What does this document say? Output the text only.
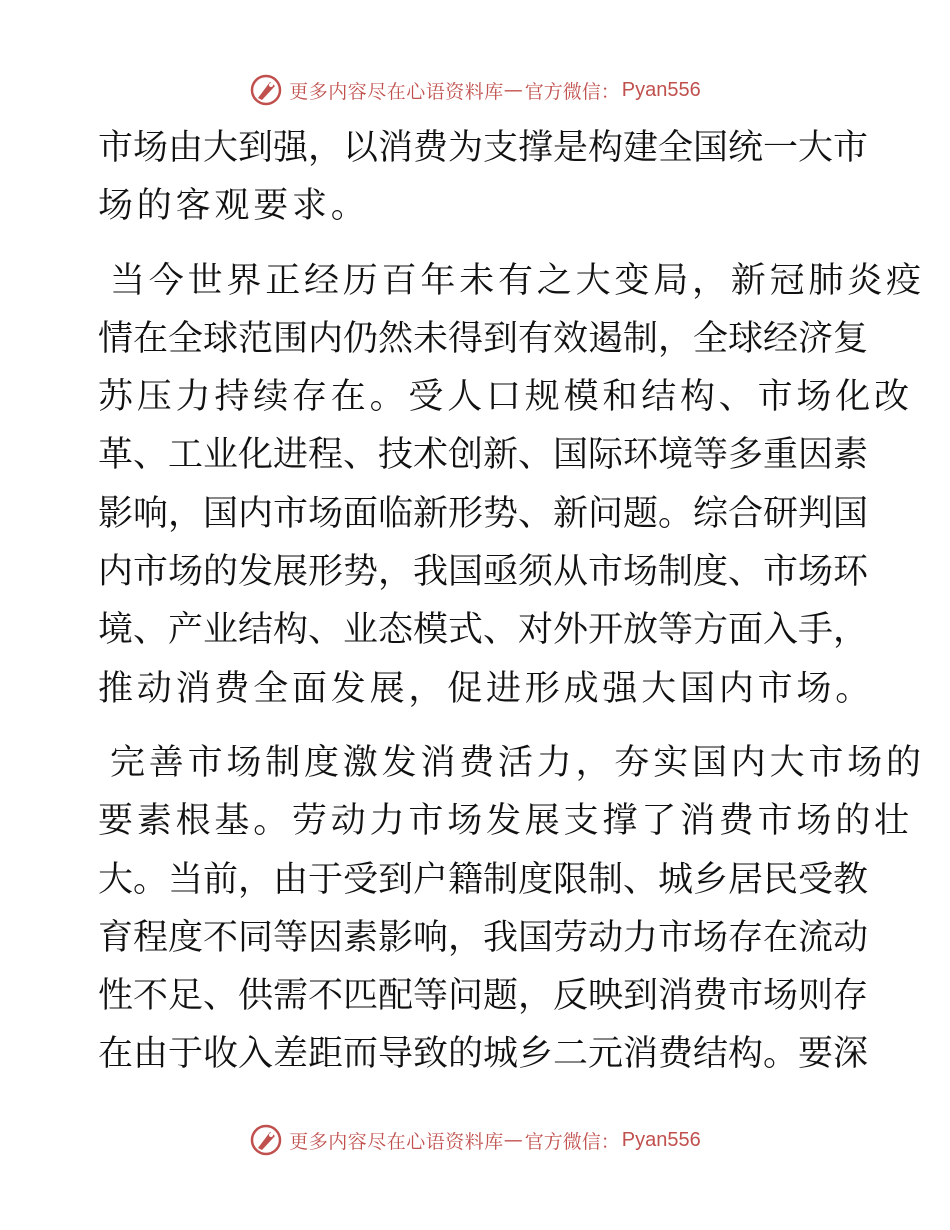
更多内容尽在心语资料库 — 官方微信： Pyan556
市场由大到强，以消费为支撑是构建全国统一大市
场的客观要求。
当今世界正经历百年未有之大变局，新冠肺炎疫
情在全球范围内仍然未得到有效遏制，全球经济复
苏压力持续存在。受人口规模和结构、市场化改
革、工业化进程、技术创新、国际环境等多重因素
影响，国内市场面临新形势、新问题。综合研判国
内市场的发展形势，我国亟须从市场制度、市场环
境、产业结构、业态模式、对外开放等方面入手，
推动消费全面发展，促进形成强大国内市场。
完善市场制度激发消费活力，夯实国内大市场的
要素根基。劳动力市场发展支撑了消费市场的壮
大。当前，由于受到户籍制度限制、城乡居民受教
育程度不同等因素影响，我国劳动力市场存在流动
性不足、供需不匹配等问题，反映到消费市场则存
在由于收入差距而导致的城乡二元消费结构。要深
更多内容尽在心语资料库 — 官方微信： Pyan556
